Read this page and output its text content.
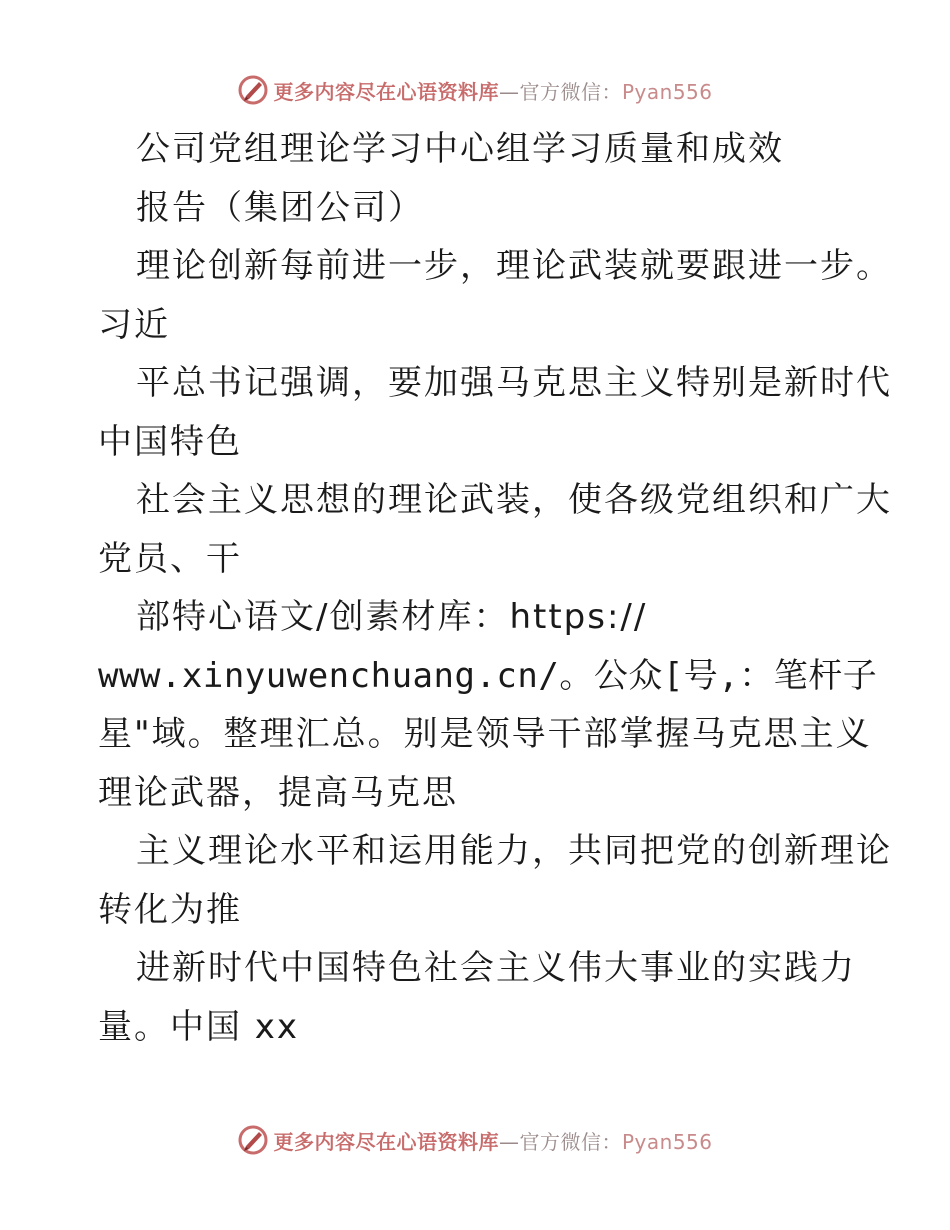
更多内容尽在心语资料库—官方微信：Pyan556
公司党组理论学习中心组学习质量和成效
报告（集团公司）
理论创新每前进一步，理论武装就要跟进一步。
习近
平总书记强调，要加强马克思主义特别是新时代
中国特色
社会主义思想的理论武装，使各级党组织和广大
党员、干
部特心语文/创素材库：https://
www.xinyuwenchuang.cn/。公众[号,：笔杆子
星"域。整理汇总。别是领导干部掌握马克思主义
理论武器，提高马克思
主义理论水平和运用能力，共同把党的创新理论
转化为推
进新时代中国特色社会主义伟大事业的实践力
量。中国 xx
更多内容尽在心语资料库—官方微信：Pyan556
